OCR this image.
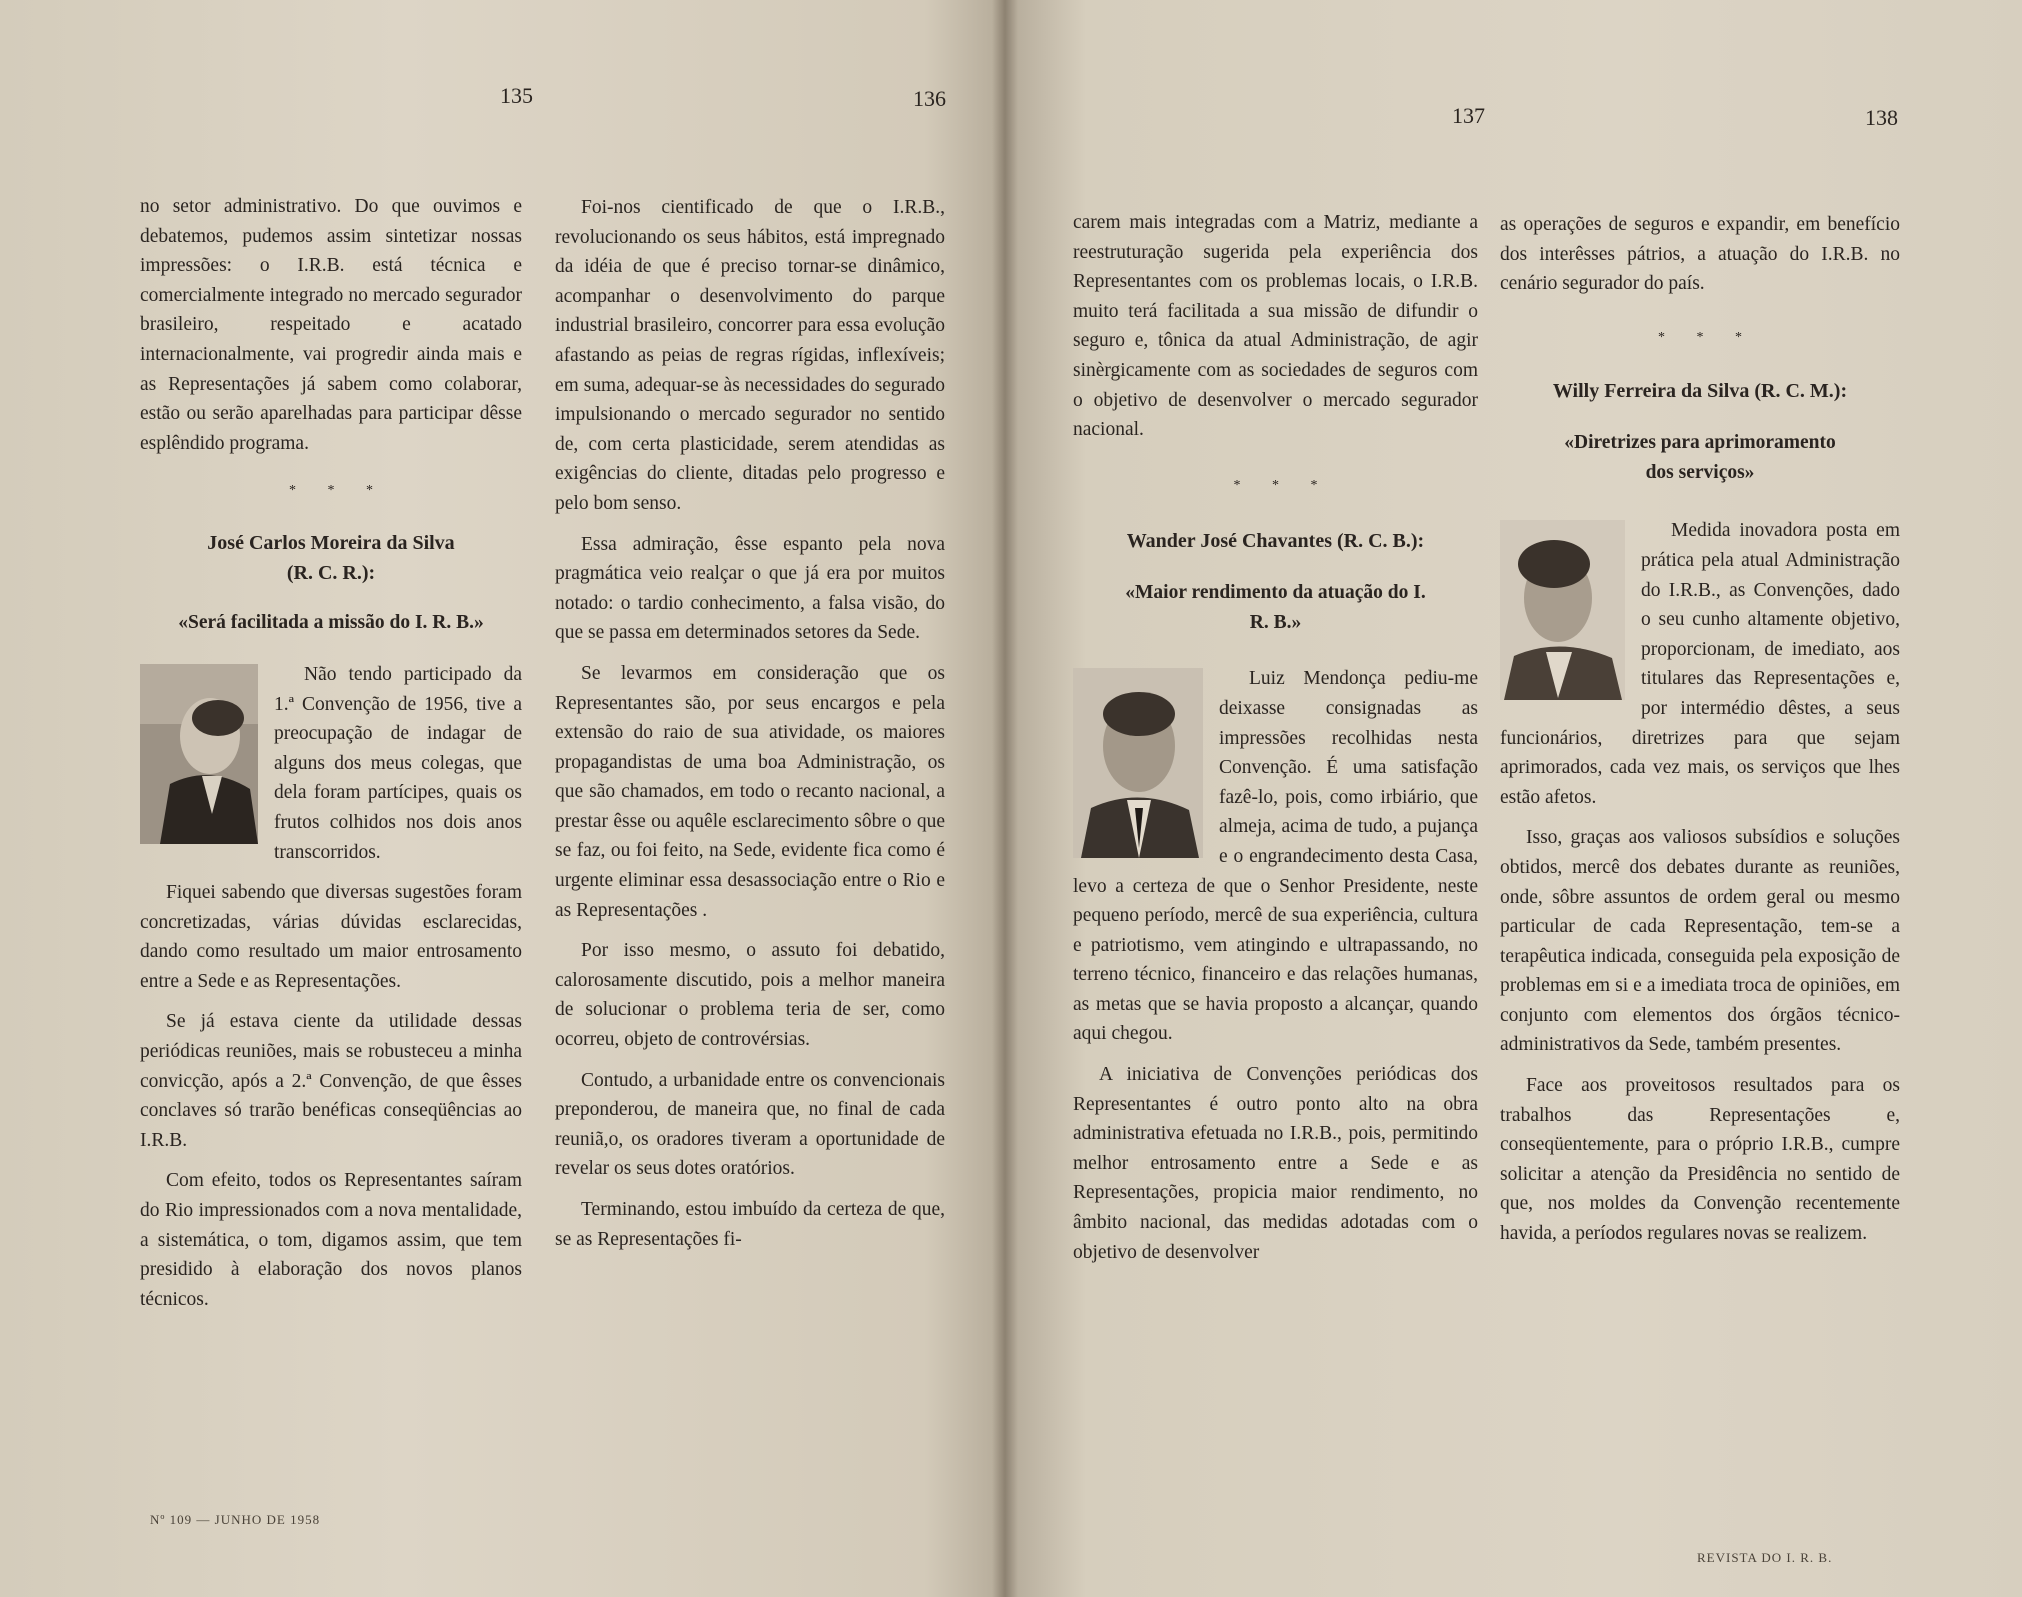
135	136

no setor administrativo. Do que ouvimos e debatemos, pudemos assim sintetizar nossas impressões: o I.R.B. está técnica e comercialmente integrado no mercado segurador brasileiro, respeitado e acatado internacionalmente, vai progredir ainda mais e as Representações já sabem como colaborar, estão ou serão aparelhadas para participar dêsse esplêndido programa.

* * *
José Carlos Moreira da Silva
(R. C. R.):
«Será facilitada a missão do I. R. B.»

Não tendo participado da 1.ª Convenção de 1956, tive a preocupação de indagar de alguns dos meus colegas, que dela foram partícipes, quais os frutos colhidos nos dois anos transcorridos.

Fiquei sabendo que diversas sugestões foram concretizadas, várias dúvidas esclarecidas, dando como resultado um maior entrosamento entre a Sede e as Representações.

Se já estava ciente da utilidade dessas periódicas reuniões, mais se robusteceu a minha convicção, após a 2.ª Convenção, de que êsses conclaves só trarão benéficas conseqüências ao I.R.B.

Com efeito, todos os Representantes saíram do Rio impressionados com a nova mentalidade, a sistemática, o tom, digamos assim, que tem presidido à elaboração dos novos planos técnicos.

Foi-nos cientificado de que o I.R.B., revolucionando os seus hábitos, está impregnado da idéia de que é preciso tornar-se dinâmico, acompanhar o desenvolvimento do parque industrial brasileiro, concorrer para essa evolução afastando as peias de regras rígidas, inflexíveis; em suma, adequar-se às necessidades do segurado impulsionando o mercado segurador no sentido de, com certa plasticidade, serem atendidas as exigências do cliente, ditadas pelo progresso e pelo bom senso.

Essa admiração, êsse espanto pela nova pragmática veio realçar o que já era por muitos notado: o tardio conhecimento, a falsa visão, do que se passa em determinados setores da Sede.

Se levarmos em consideração que os Representantes são, por seus encargos e pela extensão do raio de sua atividade, os maiores propagandistas de uma boa Administração, os que são chamados, em todo o recanto nacional, a prestar êsse ou aquêle esclarecimento sôbre o que se faz, ou foi feito, na Sede, evidente fica como é urgente eliminar essa desassociação entre o Rio e as Representações .

Por isso mesmo, o assuto foi debatido, calorosamente discutido, pois a melhor maneira de solucionar o problema teria de ser, como ocorreu, objeto de controvérsias.

Contudo, a urbanidade entre os convencionais preponderou, de maneira que, no final de cada reuniã,o, os oradores tiveram a oportunidade de revelar os seus dotes oratórios.

Terminando, estou imbuído da certeza de que, se as Representações fi-

Nº 109 — JUNHO DE 1958
137	138

carem mais integradas com a Matriz, mediante a reestruturação sugerida pela experiência dos Representantes com os problemas locais, o I.R.B. muito terá facilitada a sua missão de difundir o seguro e, tônica da atual Administração, de agir sinèrgicamente com as sociedades de seguros com o objetivo de desenvolver o mercado segurador nacional.

* * *
Wander José Chavantes (R. C. B.):
«Maior rendimento da atuação do I. R. B.»

Luiz Mendonça pediu-me deixasse consignadas as impressões recolhidas nesta Convenção. É uma satisfação fazê-lo, pois, como irbiário, que almeja, acima de tudo, a pujança e o engrandecimento desta Casa, levo a certeza de que o Senhor Presidente, neste pequeno período, mercê de sua experiência, cultura e patriotismo, vem atingindo e ultrapassando, no terreno técnico, financeiro e das relações humanas, as metas que se havia proposto a alcançar, quando aqui chegou.

A iniciativa de Convenções periódicas dos Representantes é outro ponto alto na obra administrativa efetuada no I.R.B., pois, permitindo melhor entrosamento entre a Sede e as Representações, propicia maior rendimento, no âmbito nacional, das medidas adotadas com o objetivo de desenvolver

as operações de seguros e expandir, em benefício dos interêsses pátrios, a atuação do I.R.B. no cenário segurador do país.

* * *
Willy Ferreira da Silva (R. C. M.):
«Diretrizes para aprimoramento
dos serviços»

Medida inovadora posta em prática pela atual Administração do I.R.B., as Convenções, dado o seu cunho altamente objetivo, proporcionam, de imediato, aos titulares das Representações e, por intermédio dêstes, a seus funcionários, diretrizes para que sejam aprimorados, cada vez mais, os serviços que lhes estão afetos.

Isso, graças aos valiosos subsídios e soluções obtidos, mercê dos debates durante as reuniões, onde, sôbre assuntos de ordem geral ou mesmo particular de cada Representação, tem-se a terapêutica indicada, conseguida pela exposição de problemas em si e a imediata troca de opiniões, em conjunto com elementos dos órgãos técnico-administrativos da Sede, também presentes.

Face aos proveitosos resultados para os trabalhos das Representações e, conseqüentemente, para o próprio I.R.B., cumpre solicitar a atenção da Presidência no sentido de que, nos moldes da Convenção recentemente havida, a períodos regulares novas se realizem.

REVISTA DO I. R. B.
